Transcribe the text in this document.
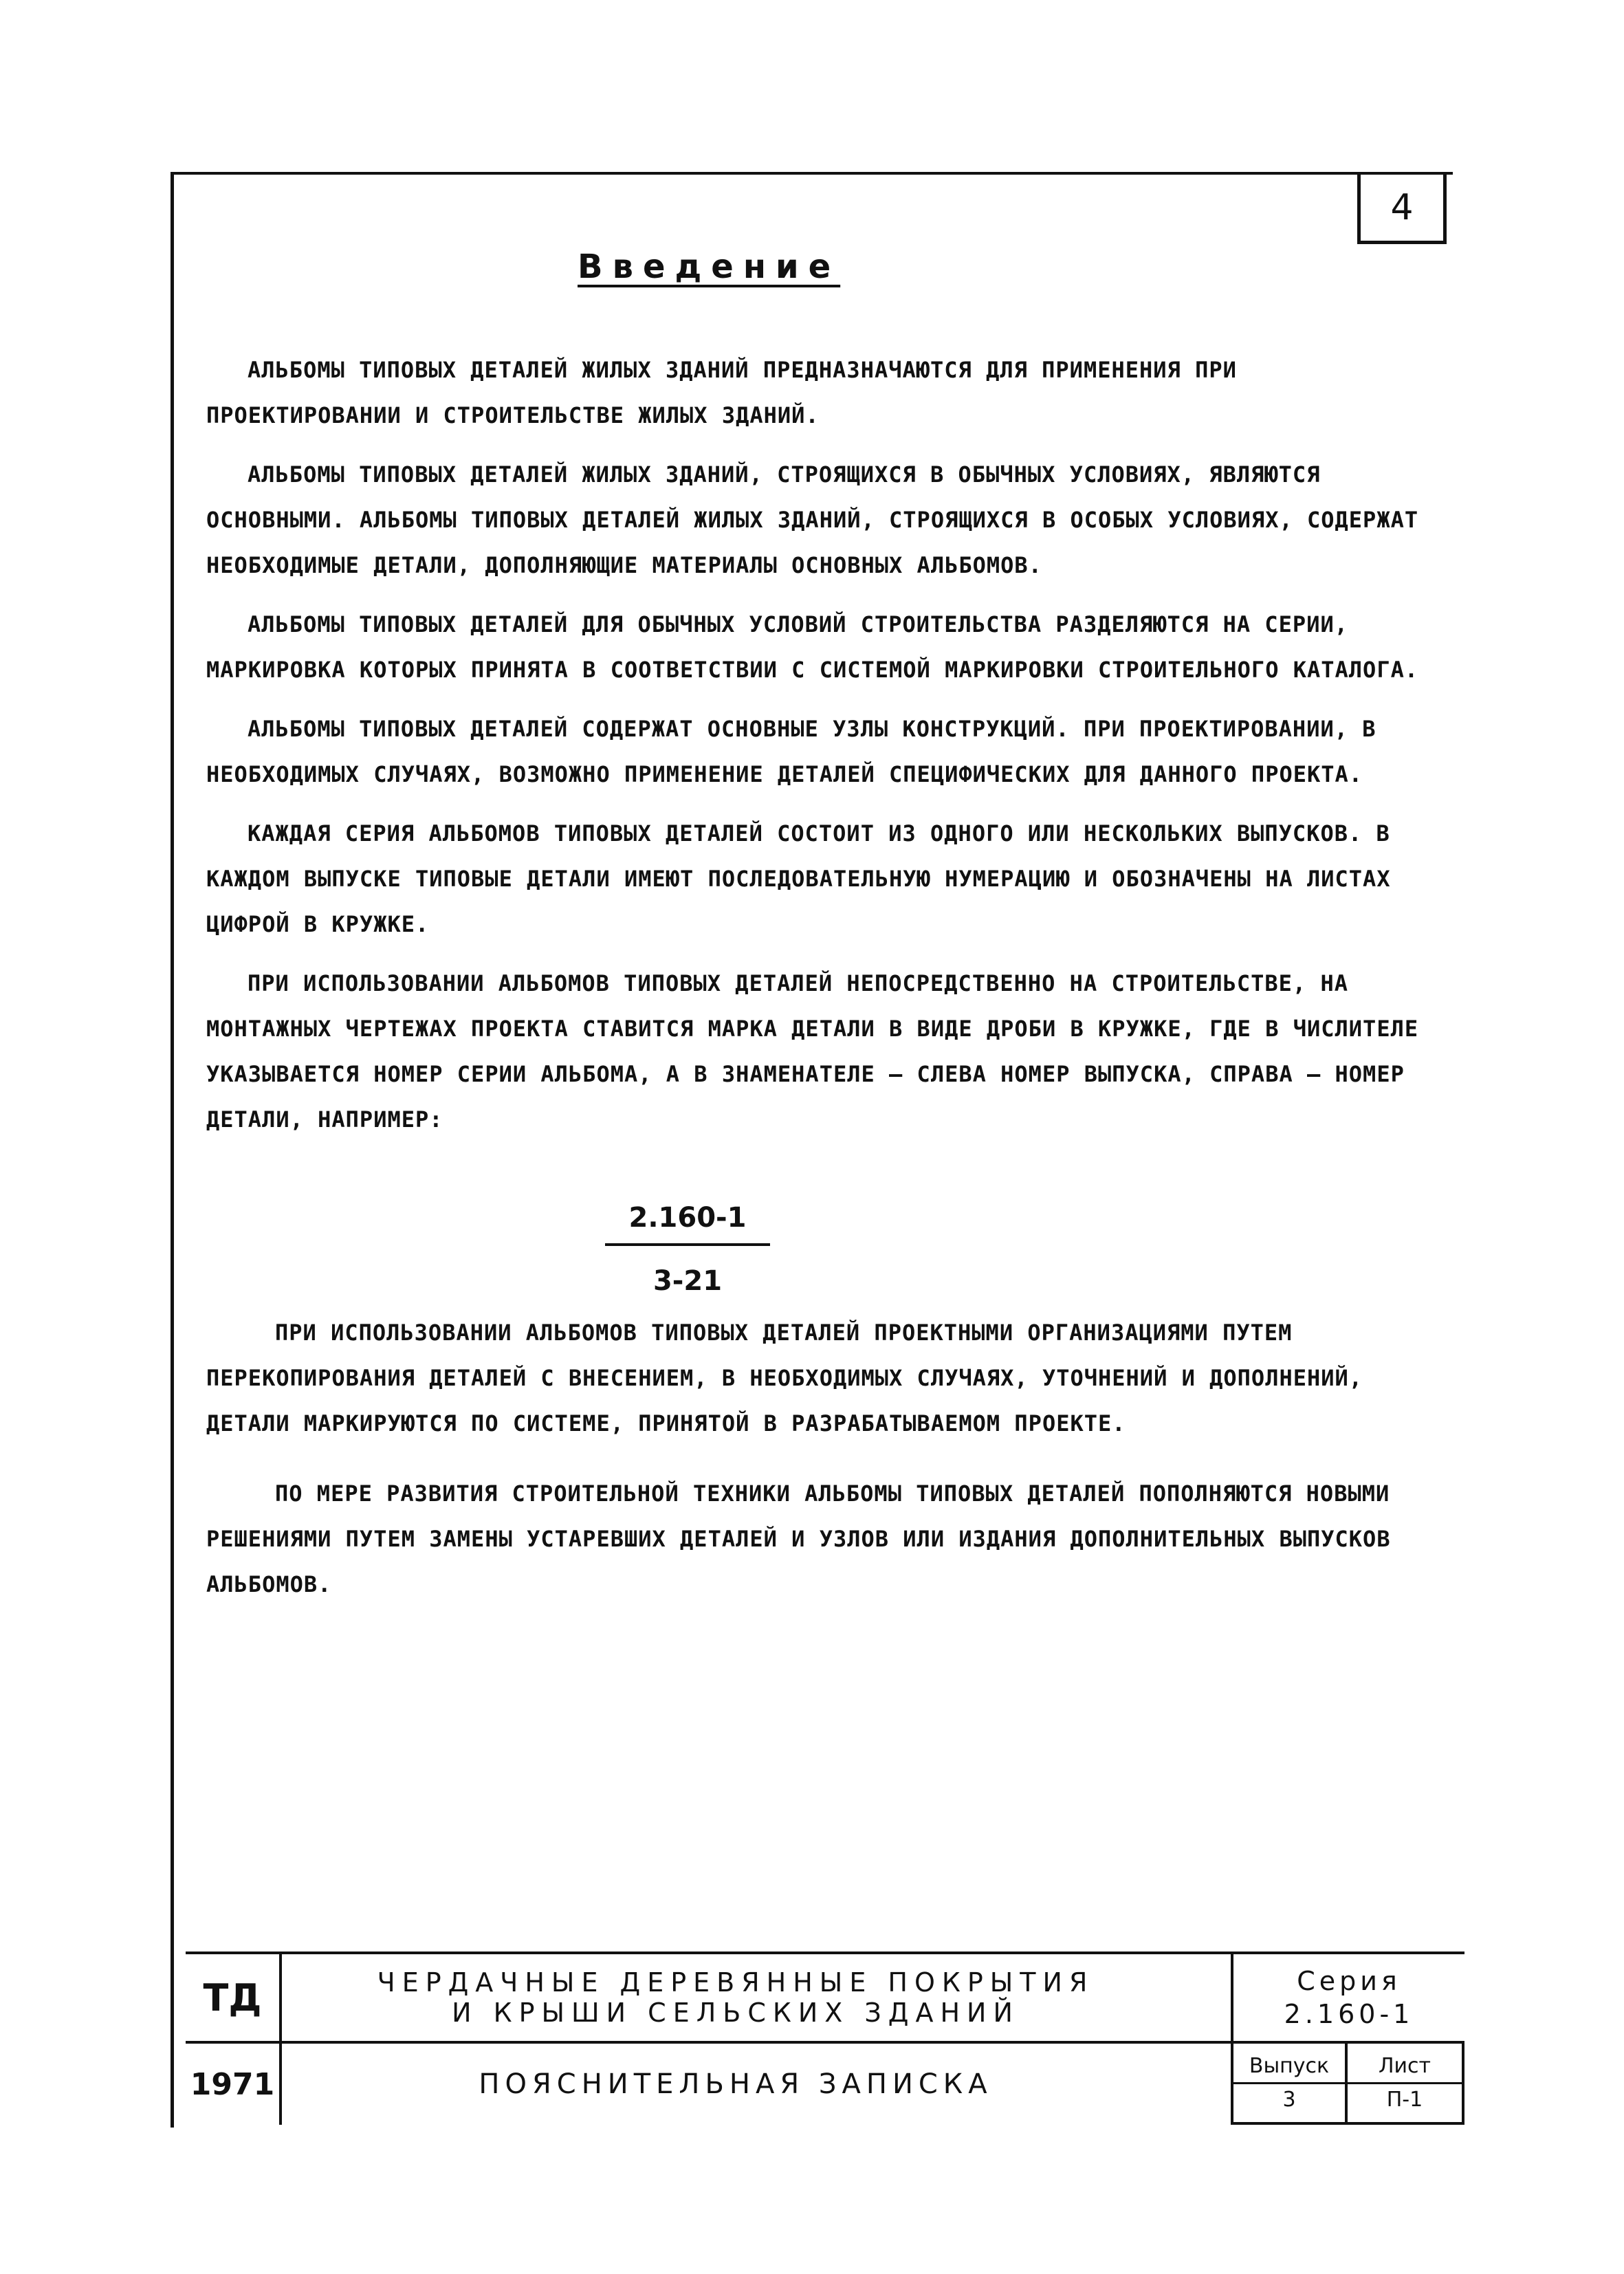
4
Введение

АЛЬБОМЫ ТИПОВЫХ ДЕТАЛЕЙ ЖИЛЫХ ЗДАНИЙ ПРЕДНАЗНАЧАЮТСЯ ДЛЯ ПРИМЕНЕНИЯ ПРИ ПРОЕКТИРОВАНИИ И СТРОИТЕЛЬСТВЕ ЖИЛЫХ ЗДАНИЙ.

АЛЬБОМЫ ТИПОВЫХ ДЕТАЛЕЙ ЖИЛЫХ ЗДАНИЙ, СТРОЯЩИХСЯ В ОБЫЧНЫХ УСЛОВИЯХ, ЯВЛЯЮТСЯ ОСНОВНЫМИ. АЛЬБОМЫ ТИПОВЫХ ДЕТАЛЕЙ ЖИЛЫХ ЗДАНИЙ, СТРОЯЩИХСЯ В ОСОБЫХ УСЛОВИЯХ, СОДЕРЖАТ НЕОБХОДИМЫЕ ДЕТАЛИ, ДОПОЛНЯЮЩИЕ МАТЕРИАЛЫ ОСНОВНЫХ АЛЬБОМОВ.

АЛЬБОМЫ ТИПОВЫХ ДЕТАЛЕЙ ДЛЯ ОБЫЧНЫХ УСЛОВИЙ СТРОИТЕЛЬСТВА РАЗДЕЛЯЮТСЯ НА СЕРИИ, МАРКИРОВКА КОТОРЫХ ПРИНЯТА В СООТВЕТСТВИИ С СИСТЕМОЙ МАРКИРОВКИ СТРОИТЕЛЬНОГО КАТАЛОГА.

АЛЬБОМЫ ТИПОВЫХ ДЕТАЛЕЙ СОДЕРЖАТ ОСНОВНЫЕ УЗЛЫ КОНСТРУКЦИЙ. ПРИ ПРОЕКТИРОВАНИИ, В НЕОБХОДИМЫХ СЛУЧАЯХ, ВОЗМОЖНО ПРИМЕНЕНИЕ ДЕТАЛЕЙ СПЕЦИФИЧЕСКИХ ДЛЯ ДАННОГО ПРОЕКТА.

КАЖДАЯ СЕРИЯ АЛЬБОМОВ ТИПОВЫХ ДЕТАЛЕЙ СОСТОИТ ИЗ ОДНОГО ИЛИ НЕСКОЛЬКИХ ВЫПУСКОВ. В КАЖДОМ ВЫПУСКЕ ТИПОВЫЕ ДЕТАЛИ ИМЕЮТ ПОСЛЕДОВАТЕЛЬНУЮ НУМЕРАЦИЮ И ОБОЗНАЧЕНЫ НА ЛИСТАХ ЦИФРОЙ В КРУЖКЕ.

ПРИ ИСПОЛЬЗОВАНИИ АЛЬБОМОВ ТИПОВЫХ ДЕТАЛЕЙ НЕПОСРЕДСТВЕННО НА СТРОИТЕЛЬСТВЕ, НА МОНТАЖНЫХ ЧЕРТЕЖАХ ПРОЕКТА СТАВИТСЯ МАРКА ДЕТАЛИ В ВИДЕ ДРОБИ В КРУЖКЕ, ГДЕ В ЧИСЛИТЕЛЕ УКАЗЫВАЕТСЯ НОМЕР СЕРИИ АЛЬБОМА, А В ЗНАМЕНАТЕЛЕ — СЛЕВА НОМЕР ВЫПУСКА, СПРАВА — НОМЕР ДЕТАЛИ, НАПРИМЕР:

$\frac{2.160-1}{3-21}$

ПРИ ИСПОЛЬЗОВАНИИ АЛЬБОМОВ ТИПОВЫХ ДЕТАЛЕЙ ПРОЕКТНЫМИ ОРГАНИЗАЦИЯМИ ПУТЕМ ПЕРЕКОПИРОВАНИЯ ДЕТАЛЕЙ С ВНЕСЕНИЕМ, В НЕОБХОДИМЫХ СЛУЧАЯХ, УТОЧНЕНИЙ И ДОПОЛНЕНИЙ, ДЕТАЛИ МАРКИРУЮТСЯ ПО СИСТЕМЕ, ПРИНЯТОЙ В РАЗРАБАТЫВАЕМОМ ПРОЕКТЕ.

ПО МЕРЕ РАЗВИТИЯ СТРОИТЕЛЬНОЙ ТЕХНИКИ АЛЬБОМЫ ТИПОВЫХ ДЕТАЛЕЙ ПОПОЛНЯЮТСЯ НОВЫМИ РЕШЕНИЯМИ ПУТЕМ ЗАМЕНЫ УСТАРЕВШИХ ДЕТАЛЕЙ И УЗЛОВ ИЛИ ИЗДАНИЯ ДОПОЛНИТЕЛЬНЫХ ВЫПУСКОВ АЛЬБОМОВ.

ТД
1971
ЧЕРДАЧНЫЕ ДЕРЕВЯННЫЕ ПОКРЫТИЯ
И КРЫШИ СЕЛЬСКИХ ЗДАНИЙ
ПОЯСНИТЕЛЬНАЯ ЗАПИСКА
Серия
2.160-1
Выпуск
3
Лист
П-1
